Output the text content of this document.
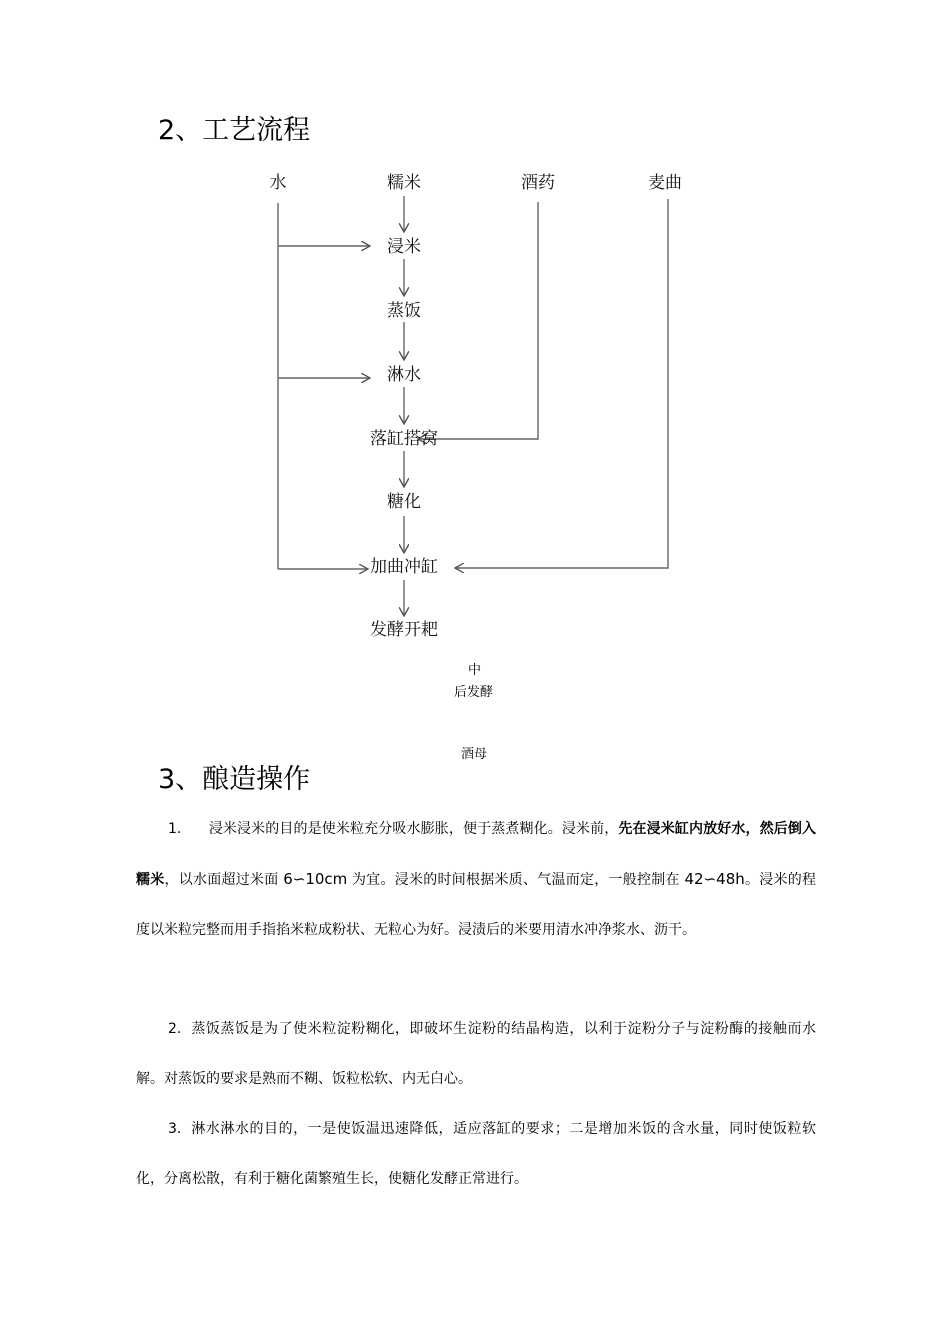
2、工艺流程
水	糯米	酒药	麦曲
浸米
蒸饭
淋水
落缸搭窝
糖化
加曲冲缸
发酵开耙
中
后发酵
酒母
3、酿造操作

1. 浸米浸米的目的是使米粒充分吸水膨胀，便于蒸煮糊化。浸米前，先在浸米缸内放好水，然后倒入糯米，以水面超过米面 6∽10cm 为宜。浸米的时间根据米质、气温而定，一般控制在 42∽48h。浸米的程度以米粒完整而用手指掐米粒成粉状、无粒心为好。浸渍后的米要用清水冲净浆水、沥干。

2. 蒸饭蒸饭是为了使米粒淀粉糊化，即破坏生淀粉的结晶构造，以利于淀粉分子与淀粉酶的接触而水解。对蒸饭的要求是熟而不糊、饭粒松软、内无白心。

3. 淋水淋水的目的，一是使饭温迅速降低，适应落缸的要求；二是增加米饭的含水量，同时使饭粒软化，分离松散，有利于糖化菌繁殖生长，使糖化发酵正常进行。
